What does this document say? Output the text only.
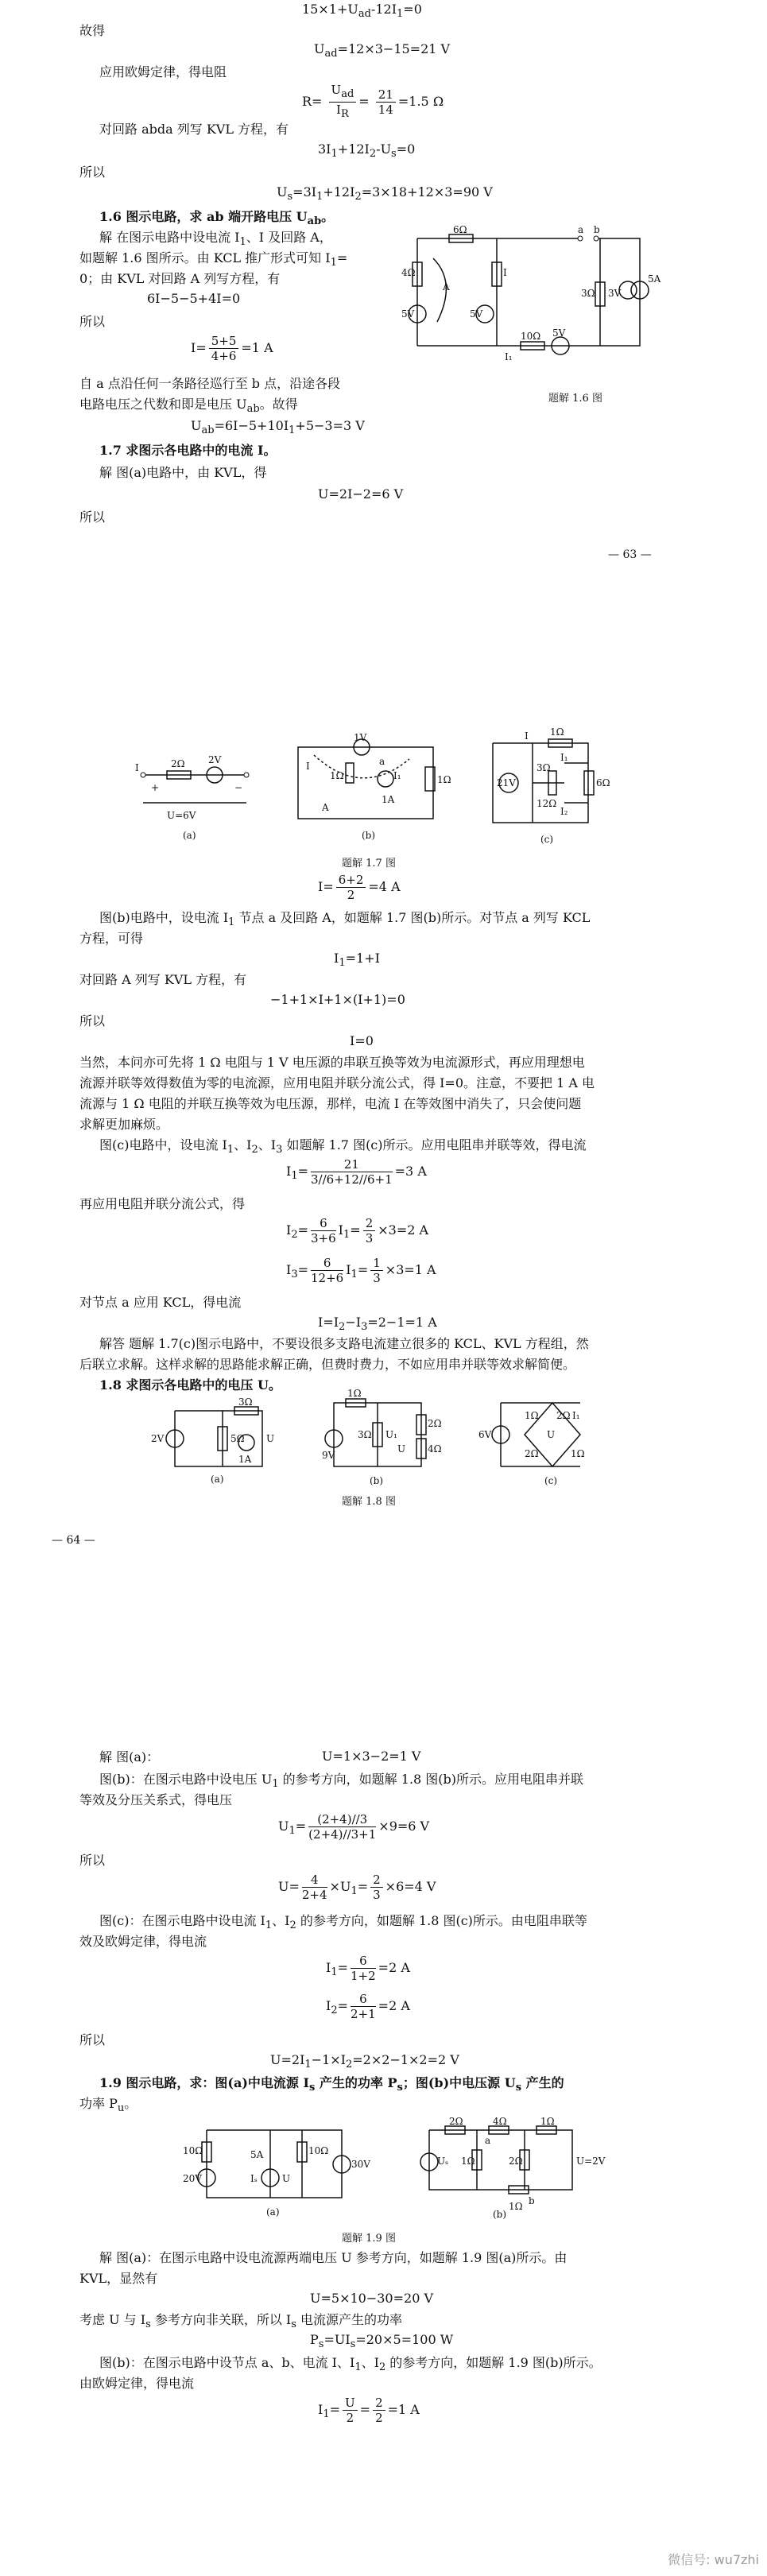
$15\times 1+U_{ad}-12I_1=0$
故得
$U_{ad}=12\times 3-15=21$ V
应用欧姆定律，得电阻
R=
$U_{ad}$
$I_R$
= $\frac{21}{14} =1.5$ Ω
对回路 abda 列写 KVL 方程，有
$3I_1+12I_2-U_s=0$
所以
$U_s=3I_1+12I_2=3\times 18+12\times 3=90$ V
1.6 图示电路，求 ab 端开路电压 $U_{ab}$。
解 在图示电路中设电流 $I_1$、I 及回路 A，
如题解 1.6 图所示。由 KCL 推广形式可知 $I_1=$
0；由 KVL 对回路 A 列写方程，有
6I−5−5+4I=0
所以
$I= \frac{5+5}{4+6} =1$ A
自 a 点沿任何一条路径巡行至 b 点，沿途各段
电路电压之代数和即是电压 $U_{ab}$。故得
$U_{ab}=6I-5+10I_1+5-3=3$ V
a b
4Ω
6Ω
5V
A
I
5V
10Ω 5V
I₁
3Ω 3V
5A
题解 1.6 图
1.7 求图示各电路中的电流 I。
解 图(a)电路中，由 KVL，得
U=2I−2=6 V
所以
— 63 —
2Ω 2V
I
U=6V
+	−
(a)
1V
1Ω	I₁
1A
1Ω
I
A
a
(b)
1Ω
3Ω
12Ω
21V	6Ω
I₁
I₂
I
(c)
题解 1.7 图
$I= \frac{6+2}{2} =4$ A
图(b)电路中，设电流 $I_1$ 节点 a 及回路 A，如题解 1.7 图(b)所示。对节点 a 列写 KCL
方程，可得
$I_1=1+I$
对回路 A 列写 KVL 方程，有
−1+1×I+1×(I+1)=0
所以
I=0
当然，本问亦可先将 1 Ω 电阻与 1 V 电压源的串联互换等效为电流源形式，再应用理想电
流源并联等效得数值为零的电流源，应用电阻并联分流公式，得 I=0。注意，不要把 1 A 电
流源与 1 Ω 电阻的并联互换等效为电压源，那样，电流 I 在等效图中消失了，只会使问题
求解更加麻烦。
图(c)电路中，设电流 $I_1$、$I_2$、$I_3$ 如题解 1.7 图(c)所示。应用电阻串并联等效，得电流
$I_1= \frac{21}{3//6+12//6+1} =3$ A
再应用电阻并联分流公式，得
$I_2= \frac{6}{3+6} I_1= \frac{2}{3} \times 3=2$ A
$I_3= \frac{6}{12+6} I_1= \frac{1}{3} \times 3=1$ A
对节点 a 应用 KCL，得电流
$I=I_2-I_3=2-1=1$ A
解答 题解 1.7(c)图示电路中，不要设很多支路电流建立很多的 KCL、KVL 方程组，然
后联立求解。这样求解的思路能求解正确，但费时费力，不如应用串并联等效求解简便。
1.8 求图示各电路中的电压 U。
2V	5Ω
3Ω
1A
U
(a)
1Ω
3Ω U₁
2Ω
4Ω
9V
U
(b)
6V
2Ω I₁
1Ω
2Ω	1Ω
U
(c)
题解 1.8 图
— 64 —
解 图(a)：	U=1×3−2=1 V
图(b)：在图示电路中设电压 $U_1$ 的参考方向，如题解 1.8 图(b)所示。应用电阻串并联
等效及分压关系式，得电压
$U_1= \frac{(2+4)//3}{(2+4)//3+1} \times 9=6$ V
所以
$U= \frac{4}{2+4} \times U_1= \frac{2}{3} \times 6=4$ V
图(c)：在图示电路中设电流 $I_1$、$I_2$ 的参考方向，如题解 1.8 图(c)所示。由电阻串联等
效及欧姆定律，得电流
$I_1= \frac{6}{1+2} =2$ A
$I_2= \frac{6}{2+1} =2$ A
所以
$U=2I_1-1\times I_2=2\times 2-1\times 2=2$ V
1.9 图示电路，求：图(a)中电流源 $I_s$ 产生的功率 $P_s$；图(b)中电压源 $U_s$ 产生的
功率 $P_u$。
10Ω
20V
5A
Iₛ	U
10Ω
30V
(a)
2Ω	4Ω	1Ω
Uₛ 1Ω	2Ω
1Ω
U=2V
a
b
(b)
题解 1.9 图
解 图(a)：在图示电路中设电流源两端电压 U 参考方向，如题解 1.9 图(a)所示。由
KVL，显然有
U=5×10−30=20 V
考虑 U 与 $I_s$ 参考方向非关联，所以 $I_s$ 电流源产生的功率
$P_s=UI_s=20\times 5=100$ W
图(b)：在图示电路中设节点 a、b、电流 I、$I_1$、$I_2$ 的参考方向，如题解 1.9 图(b)所示。
由欧姆定律，得电流
$I_1= \frac{U}{2} = \frac{2}{2} =1$ A
微信号: wu7zhi
